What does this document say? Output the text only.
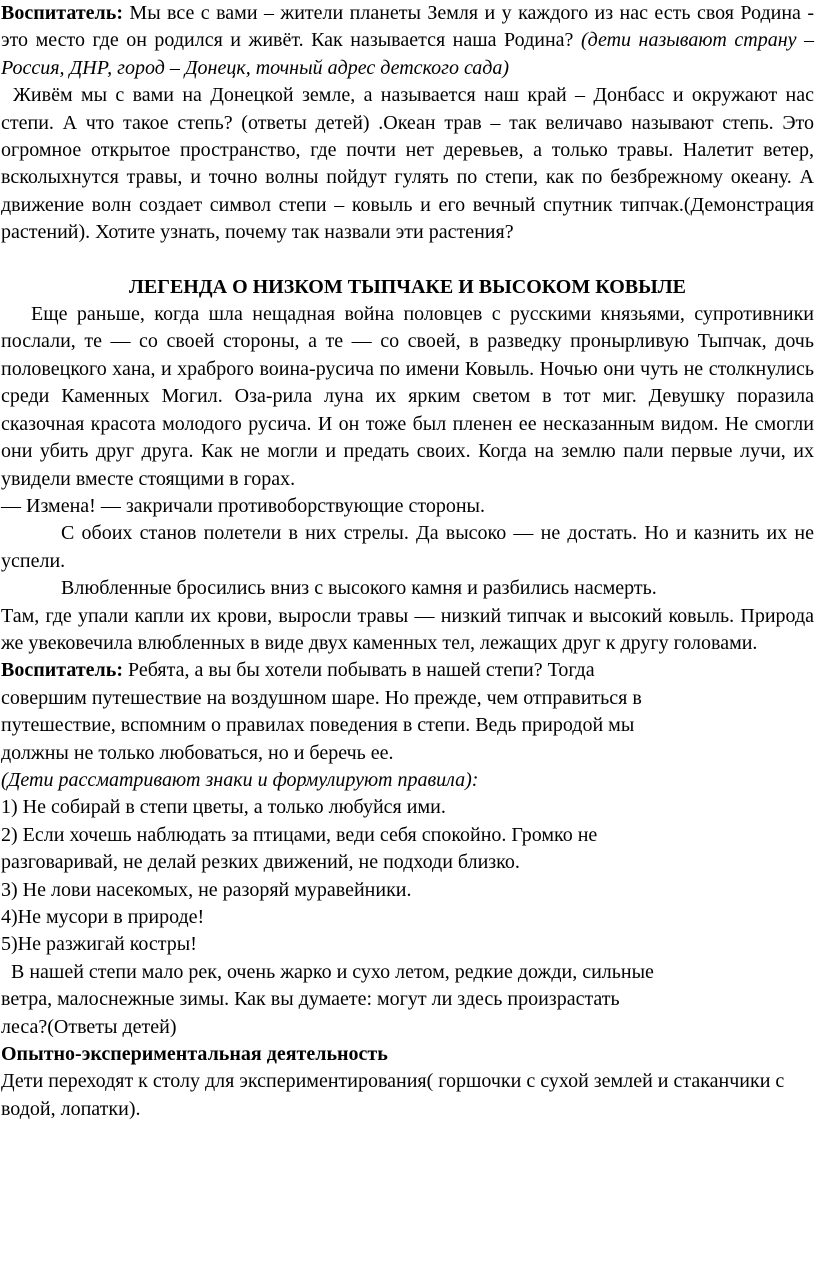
Воспитатель: Мы все с вами – жители планеты Земля и у каждого из нас есть своя Родина - это место где он родился и живёт. Как называется наша Родина? (дети называют страну – Россия, ДНР, город – Донецк, точный адрес детского сада)

Живём мы с вами на Донецкой земле, а называется наш край – Донбасс и окружают нас степи. А что такое степь? (ответы детей) .Океан трав – так величаво называют степь. Это огромное открытое пространство, где почти нет деревьев, а только травы. Налетит ветер, всколыхнутся травы, и точно волны пойдут гулять по степи, как по безбрежному океану. А движение волн создает символ степи – ковыль и его вечный спутник типчак.(Демонстрация растений). Хотите узнать, почему так назвали эти растения?

ЛЕГЕНДА О НИЗКОМ ТЫПЧАКЕ И ВЫСОКОМ КОВЫЛЕ

Еще раньше, когда шла нещадная война половцев с русскими князьями, супротивники послали, те — со своей стороны, а те — со своей, в разведку пронырливую Тыпчак, дочь половецкого хана, и храброго воина-русича по имени Ковыль. Ночью они чуть не столкнулись среди Каменных Могил. Оза-рила луна их ярким светом в тот миг. Девушку поразила сказочная красота молодого русича. И он тоже был пленен ее несказанным видом. Не смогли они убить друг друга. Как не могли и предать своих. Когда на землю пали первые лучи, их увидели вместе стоящими в горах.

— Измена! — закричали противоборствующие стороны.

С обоих станов полетели в них стрелы. Да высоко — не достать. Но и казнить их не успели.

Влюбленные бросились вниз с высокого камня и разбились насмерть.

Там, где упали капли их крови, выросли травы — низкий типчак и высокий ковыль. Природа же увековечила влюбленных в виде двух каменных тел, лежащих друг к другу головами.

Воспитатель: Ребята, а вы бы хотели побывать в нашей степи? Тогда
совершим путешествие на воздушном шаре. Но прежде, чем отправиться в
путешествие, вспомним о правилах поведения в степи. Ведь природой мы
должны не только любоваться, но и беречь ее.

(Дети рассматривают знаки и формулируют правила):

1) Не собирай в степи цветы, а только любуйся ими.

2) Если хочешь наблюдать за птицами, веди себя спокойно. Громко не

разговаривай, не делай резких движений, не подходи близко.

3) Не лови насекомых, не разоряй муравейники.

4)Не мусори в природе!

5)Не разжигай костры!

В нашей степи мало рек, очень жарко и сухо летом, редкие дожди, сильные

ветра, малоснежные зимы. Как вы думаете: могут ли здесь произрастать

леса?(Ответы детей)

Опытно-экспериментальная деятельность

Дети переходят к столу для экспериментирования( горшочки с сухой землей и стаканчики с водой, лопатки).
